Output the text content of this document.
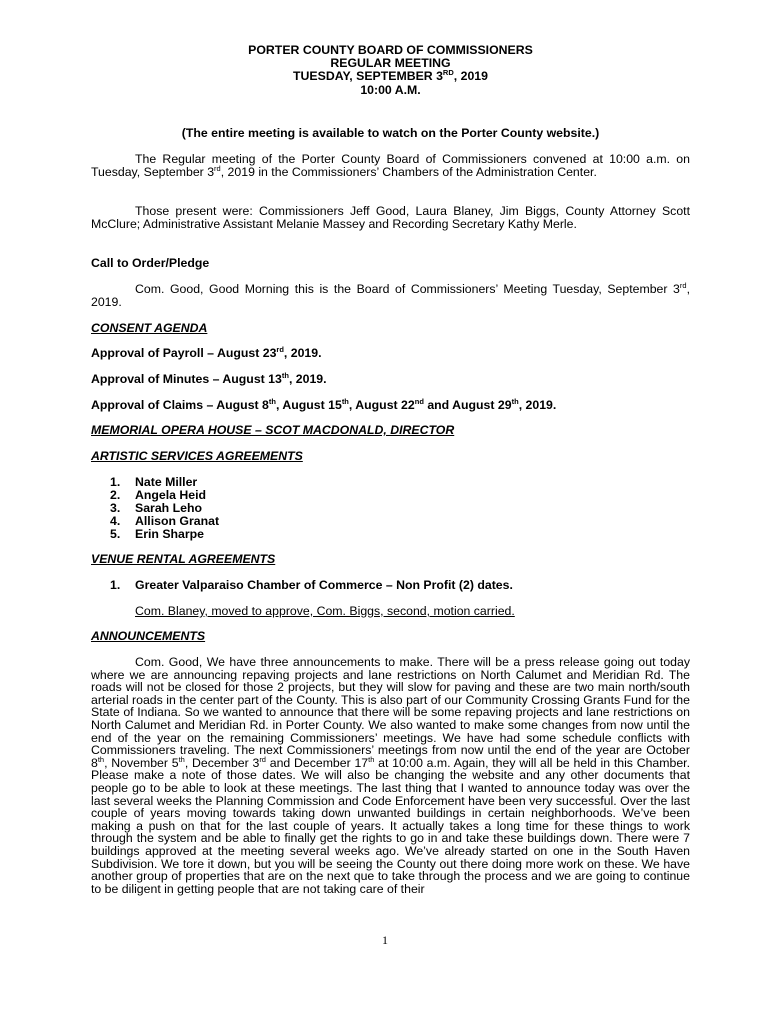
PORTER COUNTY BOARD OF COMMISSIONERS
REGULAR MEETING
TUESDAY, SEPTEMBER 3RD, 2019
10:00 A.M.
(The entire meeting is available to watch on the Porter County website.)
The Regular meeting of the Porter County Board of Commissioners convened at 10:00 a.m. on Tuesday, September 3rd, 2019 in the Commissioners’ Chambers of the Administration Center.
Those present were: Commissioners Jeff Good, Laura Blaney, Jim Biggs, County Attorney Scott McClure; Administrative Assistant Melanie Massey and Recording Secretary Kathy Merle.
Call to Order/Pledge
Com. Good, Good Morning this is the Board of Commissioners’ Meeting Tuesday, September 3rd, 2019.
CONSENT AGENDA
Approval of Payroll – August 23rd, 2019.
Approval of Minutes – August 13th, 2019.
Approval of Claims – August 8th, August 15th, August 22nd and August 29th, 2019.
MEMORIAL OPERA HOUSE – SCOT MACDONALD, DIRECTOR
ARTISTIC SERVICES AGREEMENTS
1. Nate Miller
2. Angela Heid
3. Sarah Leho
4. Allison Granat
5. Erin Sharpe
VENUE RENTAL AGREEMENTS
1. Greater Valparaiso Chamber of Commerce – Non Profit (2) dates.
Com. Blaney, moved to approve, Com. Biggs, second, motion carried.
ANNOUNCEMENTS
Com. Good, We have three announcements to make. There will be a press release going out today where we are announcing repaving projects and lane restrictions on North Calumet and Meridian Rd. The roads will not be closed for those 2 projects, but they will slow for paving and these are two main north/south arterial roads in the center part of the County. This is also part of our Community Crossing Grants Fund for the State of Indiana. So we wanted to announce that there will be some repaving projects and lane restrictions on North Calumet and Meridian Rd. in Porter County. We also wanted to make some changes from now until the end of the year on the remaining Commissioners’ meetings. We have had some schedule conflicts with Commissioners traveling. The next Commissioners’ meetings from now until the end of the year are October 8th, November 5th, December 3rd and December 17th at 10:00 a.m. Again, they will all be held in this Chamber. Please make a note of those dates. We will also be changing the website and any other documents that people go to be able to look at these meetings. The last thing that I wanted to announce today was over the last several weeks the Planning Commission and Code Enforcement have been very successful. Over the last couple of years moving towards taking down unwanted buildings in certain neighborhoods. We’ve been making a push on that for the last couple of years. It actually takes a long time for these things to work through the system and be able to finally get the rights to go in and take these buildings down. There were 7 buildings approved at the meeting several weeks ago. We’ve already started on one in the South Haven Subdivision. We tore it down, but you will be seeing the County out there doing more work on these. We have another group of properties that are on the next que to take through the process and we are going to continue to be diligent in getting people that are not taking care of their
1
